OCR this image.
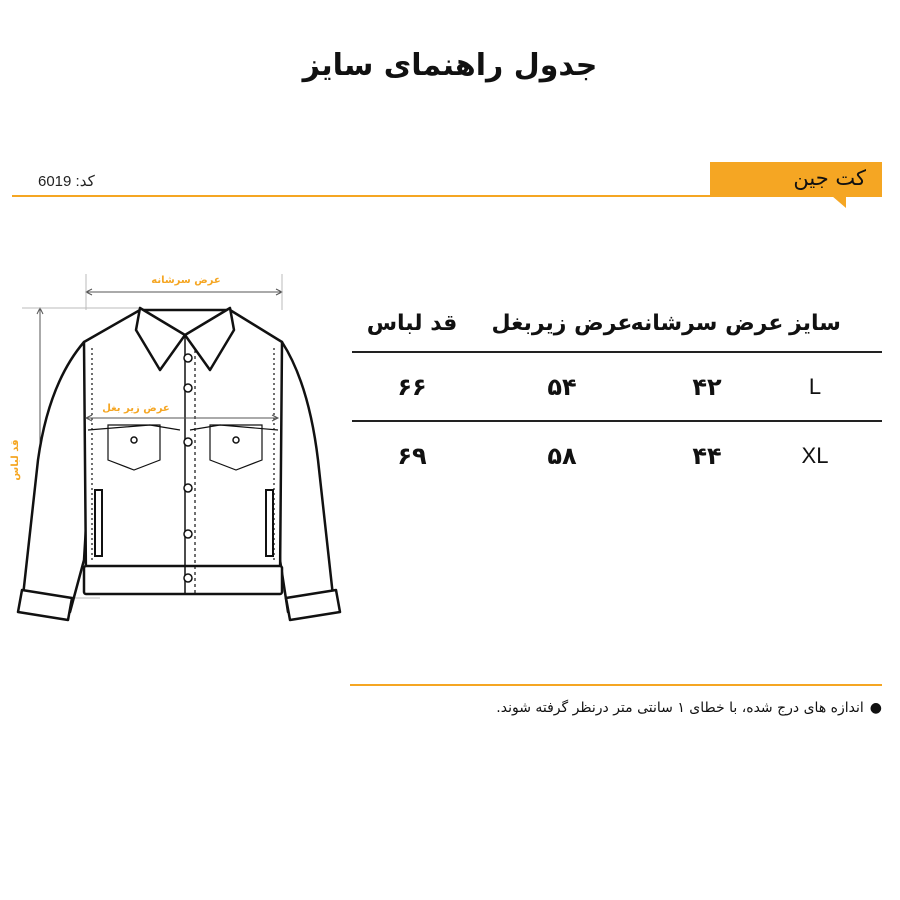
جدول راهنمای سایز
کت جین
کد: 6019
عرض سرشانه
قد لباس
عرض زیر بغل
سایز
عرض سرشانه
عرض زیربغل
قد لباس
L
۴۲
۵۴
۶۶
XL
۴۴
۵۸
۶۹
●
اندازه های درج شده، با خطای ۱ سانتی متر درنظر گرفته شوند.
